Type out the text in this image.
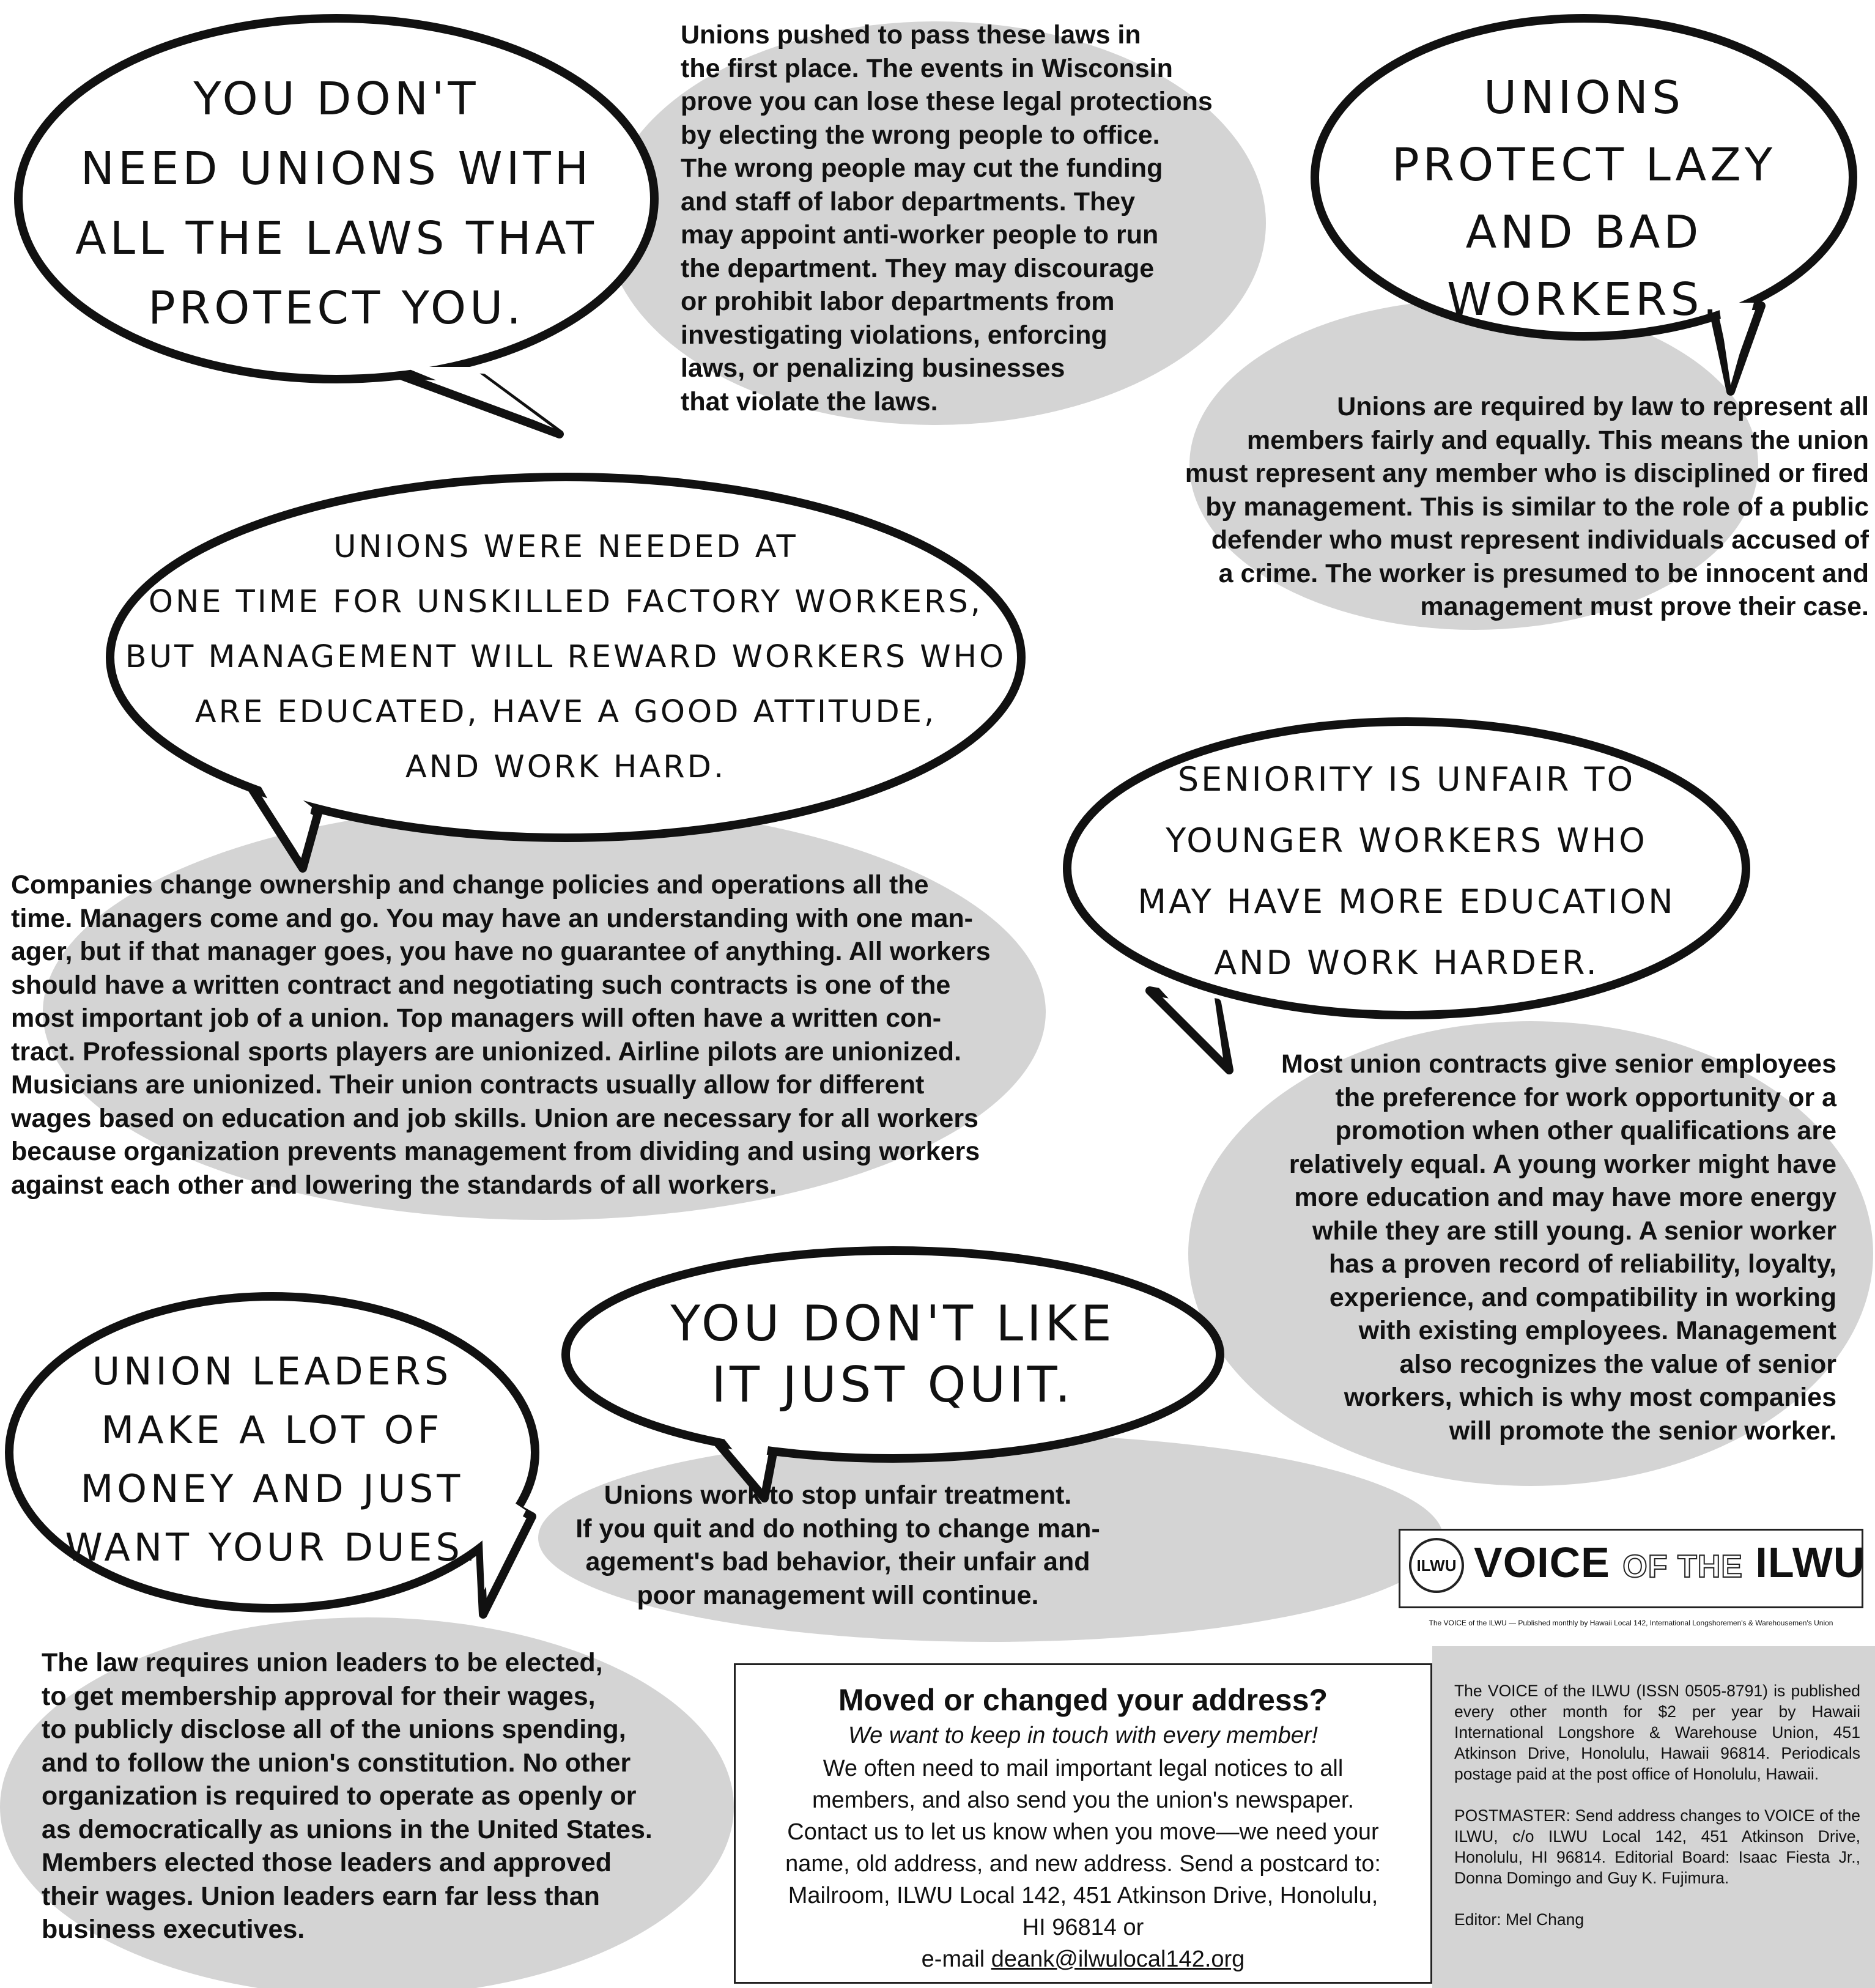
YOU DON'T
NEED UNIONS WITH
ALL THE LAWS THAT
PROTECT YOU.
UNIONS
PROTECT LAZY
AND BAD
WORKERS.
UNIONS WERE NEEDED AT
ONE TIME FOR UNSKILLED FACTORY WORKERS,
BUT MANAGEMENT WILL REWARD WORKERS WHO
ARE EDUCATED, HAVE A GOOD ATTITUDE,
AND WORK HARD.	SENIORITY IS UNFAIR TO
YOUNGER WORKERS WHO
MAY HAVE MORE EDUCATION
AND WORK HARDER.
YOU DON'T LIKE
IT JUST QUIT.
UNION LEADERS
MAKE A LOT OF
MONEY AND JUST
WANT YOUR DUES.
Unions pushed to pass these laws in
the first place. The events in Wisconsin
prove you can lose these legal protections
by electing the wrong people to office.
The wrong people may cut the funding
and staff of labor departments. They
may appoint anti-worker people to run
the department. They may discourage
or prohibit labor departments from
investigating violations, enforcing
laws, or penalizing businesses
that violate the laws.	Unions are required by law to represent all
members fairly and equally. This means the union
must represent any member who is disciplined or fired
by management. This is similar to the role of a public
defender who must represent individuals accused of
a crime. The worker is presumed to be innocent and
management must prove their case.
Companies change ownership and change policies and operations all the
time. Managers come and go. You may have an understanding with one man-
ager, but if that manager goes, you have no guarantee of anything. All workers
should have a written contract and negotiating such contracts is one of the
most important job of a union. Top managers will often have a written con-
tract. Professional sports players are unionized. Airline pilots are unionized.
Musicians are unionized. Their union contracts usually allow for different
wages based on education and job skills. Union are necessary for all workers
because organization prevents management from dividing and using workers
against each other and lowering the standards of all workers.
Most union contracts give senior employees
the preference for work opportunity or a
promotion when other qualifications are
relatively equal. A young worker might have
more education and may have more energy
while they are still young. A senior worker
has a proven record of reliability, loyalty,
experience, and compatibility in working
with existing employees. Management
also recognizes the value of senior
workers, which is why most companies
will promote the senior worker.
Unions work to stop unfair treatment.
If you quit and do nothing to change man-
agement's bad behavior, their unfair and
poor management will continue.
The law requires union leaders to be elected,
to get membership approval for their wages,
to publicly disclose all of the unions spending,
and to follow the union's constitution. No other
organization is required to operate as openly or
as democratically as unions in the United States.
Members elected those leaders and approved
their wages. Union leaders earn far less than
business executives.
ILWU VOICE OF THE ILWU
The VOICE of the ILWU — Published monthly by Hawaii Local 142, International Longshoremen's & Warehousemen's Union
Moved or changed your address?
We want to keep in touch with every member!
We often need to mail important legal notices to all
members, and also send you the union's newspaper.
Contact us to let us know when you move—we need your
name, old address, and new address. Send a postcard to:
Mailroom, ILWU Local 142, 451 Atkinson Drive, Honolulu,
HI 96814 or
e-mail deank@ilwulocal142.org

The VOICE of the ILWU (ISSN 0505-8791) is published every other month for $2 per year by Hawaii International Longshore & Warehouse Union, 451 Atkinson Drive, Honolulu, Hawaii 96814. Periodicals postage paid at the post office of Honolulu, Hawaii.

POSTMASTER: Send address changes to VOICE of the ILWU, c/o ILWU Local 142, 451 Atkinson Drive, Honolulu, HI 96814. Editorial Board: Isaac Fiesta Jr., Donna Domingo and Guy K. Fujimura.

Editor: Mel Chang
